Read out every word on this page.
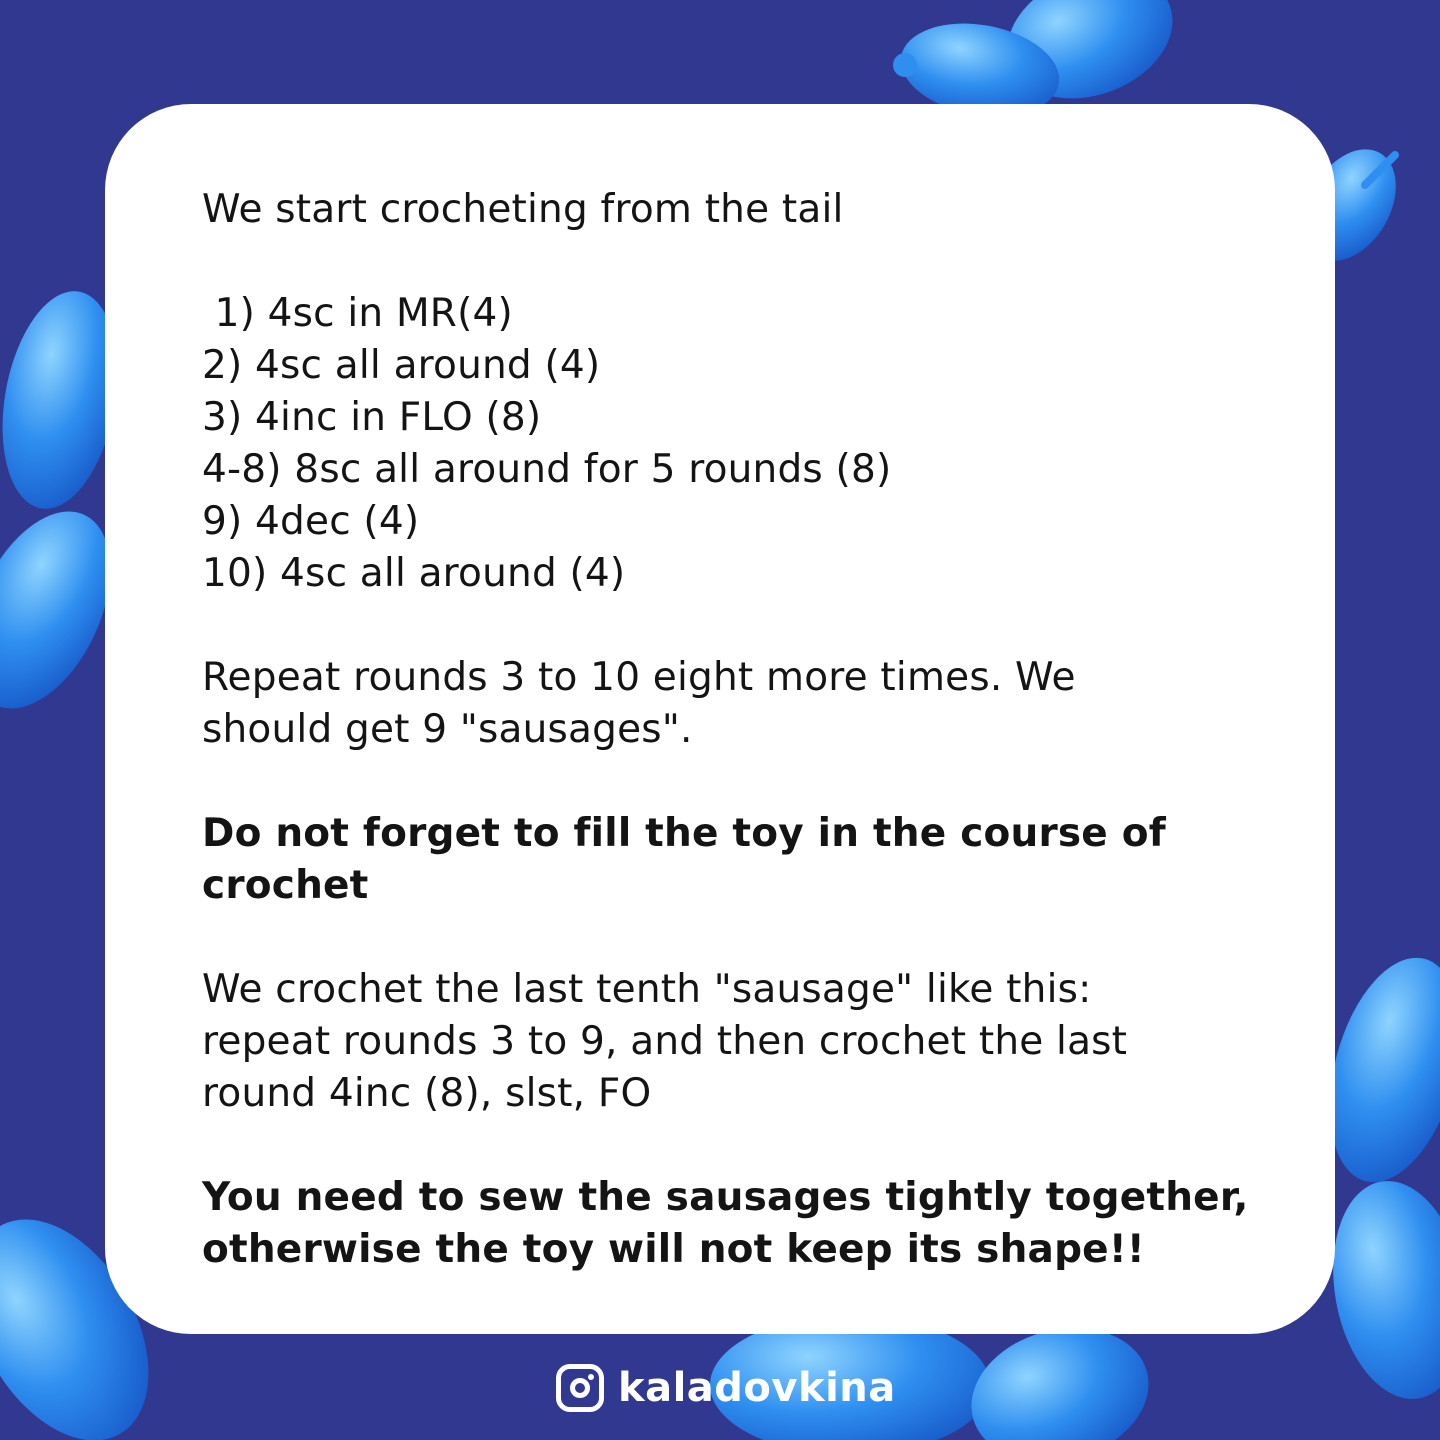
We start crocheting from the tail
1) 4sc in MR(4)
2) 4sc all around (4)
3) 4inc in FLO (8)
4-8) 8sc all around for 5 rounds (8)
9) 4dec (4)
10) 4sc all around (4)
Repeat rounds 3 to 10 eight more times. We
should get 9 "sausages".
Do not forget to fill the toy in the course of
crochet
We crochet the last tenth "sausage" like this:
repeat rounds 3 to 9, and then crochet the last
round 4inc (8), slst, FO
You need to sew the sausages tightly together,
otherwise the toy will not keep its shape!!
kaladovkina
